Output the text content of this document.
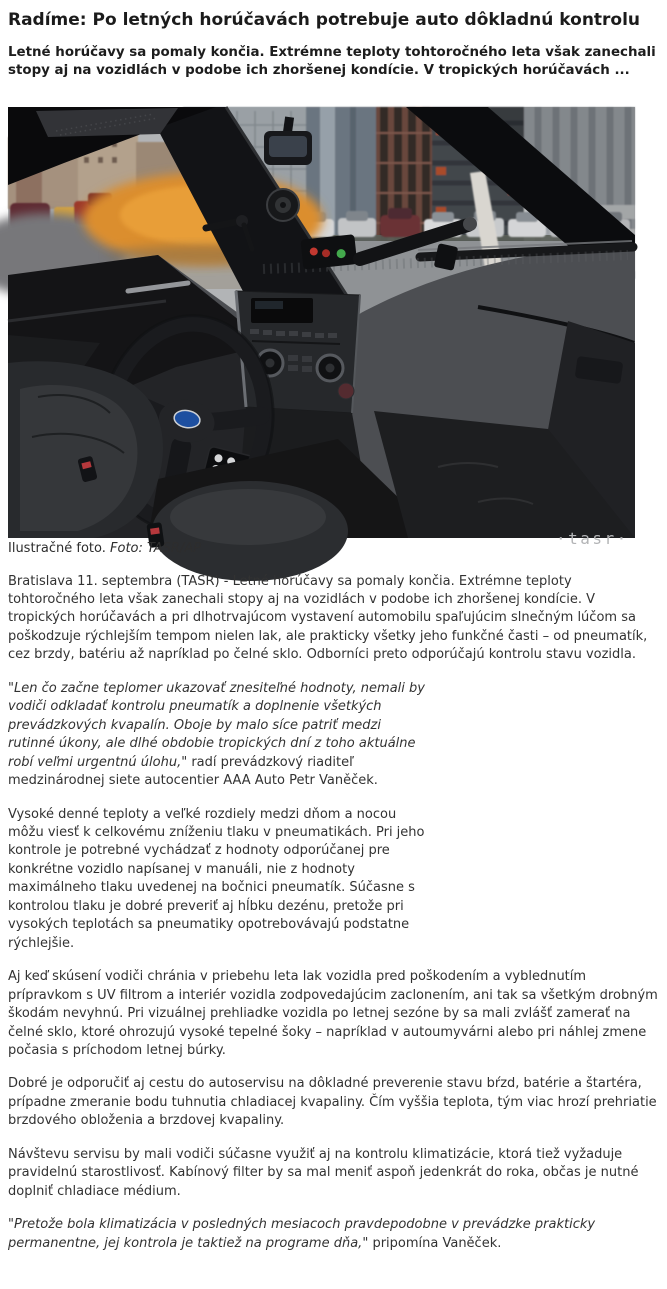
Radíme: Po letných horúčavách potrebuje auto dôkladnú kontrolu

Letné horúčavy sa pomaly končia. Extrémne teploty tohtoročného leta však zanechali stopy aj na vozidlách v podobe ich zhoršenej kondície. V tropických horúčavách ...

·tasr·
Ilustračné foto. Foto: TASR/AP

Bratislava 11. septembra (TASR) - Letné horúčavy sa pomaly končia. Extrémne teploty tohtoročného leta však zanechali stopy aj na vozidlách v podobe ich zhoršenej kondície. V tropických horúčavách a pri dlhotrvajúcom vystavení automobilu spaľujúcim slnečným lúčom sa poškodzuje rýchlejším tempom nielen lak, ale prakticky všetky jeho funkčné časti – od pneumatík, cez brzdy, batériu až napríklad po čelné sklo. Odborníci preto odporúčajú kontrolu stavu vozidla.

"Len čo začne teplomer ukazovať znesiteľné hodnoty, nemali by vodiči odkladať kontrolu pneumatík a doplnenie všetkých prevádzkových kvapalín. Oboje by malo síce patriť medzi rutinné úkony, ale dlhé obdobie tropických dní z toho aktuálne robí veľmi urgentnú úlohu," radí prevádzkový riaditeľ medzinárodnej siete autocentier AAA Auto Petr Vaněček.

Vysoké denné teploty a veľké rozdiely medzi dňom a nocou môžu viesť k celkovému zníženiu tlaku v pneumatikách. Pri jeho kontrole je potrebné vychádzať z hodnoty odporúčanej pre konkrétne vozidlo napísanej v manuáli, nie z hodnoty maximálneho tlaku uvedenej na bočnici pneumatík. Súčasne s kontrolou tlaku je dobré preveriť aj hĺbku dezénu, pretože pri vysokých teplotách sa pneumatiky opotrebovávajú podstatne rýchlejšie.

Aj keď skúsení vodiči chránia v priebehu leta lak vozidla pred poškodením a vyblednutím prípravkom s UV filtrom a interiér vozidla zodpovedajúcim zaclonením, ani tak sa všetkým drobným škodám nevyhnú. Pri vizuálnej prehliadke vozidla po letnej sezóne by sa mali zvlášť zamerať na čelné sklo, ktoré ohrozujú vysoké tepelné šoky – napríklad v autoumyvárni alebo pri náhlej zmene počasia s príchodom letnej búrky.

Dobré je odporučiť aj cestu do autoservisu na dôkladné preverenie stavu bŕzd, batérie a štartéra, prípadne zmeranie bodu tuhnutia chladiacej kvapaliny. Čím vyššia teplota, tým viac hrozí prehriatie brzdového obloženia a brzdovej kvapaliny.

Návštevu servisu by mali vodiči súčasne využiť aj na kontrolu klimatizácie, ktorá tiež vyžaduje pravidelnú starostlivosť. Kabínový filter by sa mal meniť aspoň jedenkrát do roka, občas je nutné doplniť chladiace médium.

"Pretože bola klimatizácia v posledných mesiacoch pravdepodobne v prevádzke prakticky permanentne, jej kontrola je taktiež na programe dňa," pripomína Vaněček.
